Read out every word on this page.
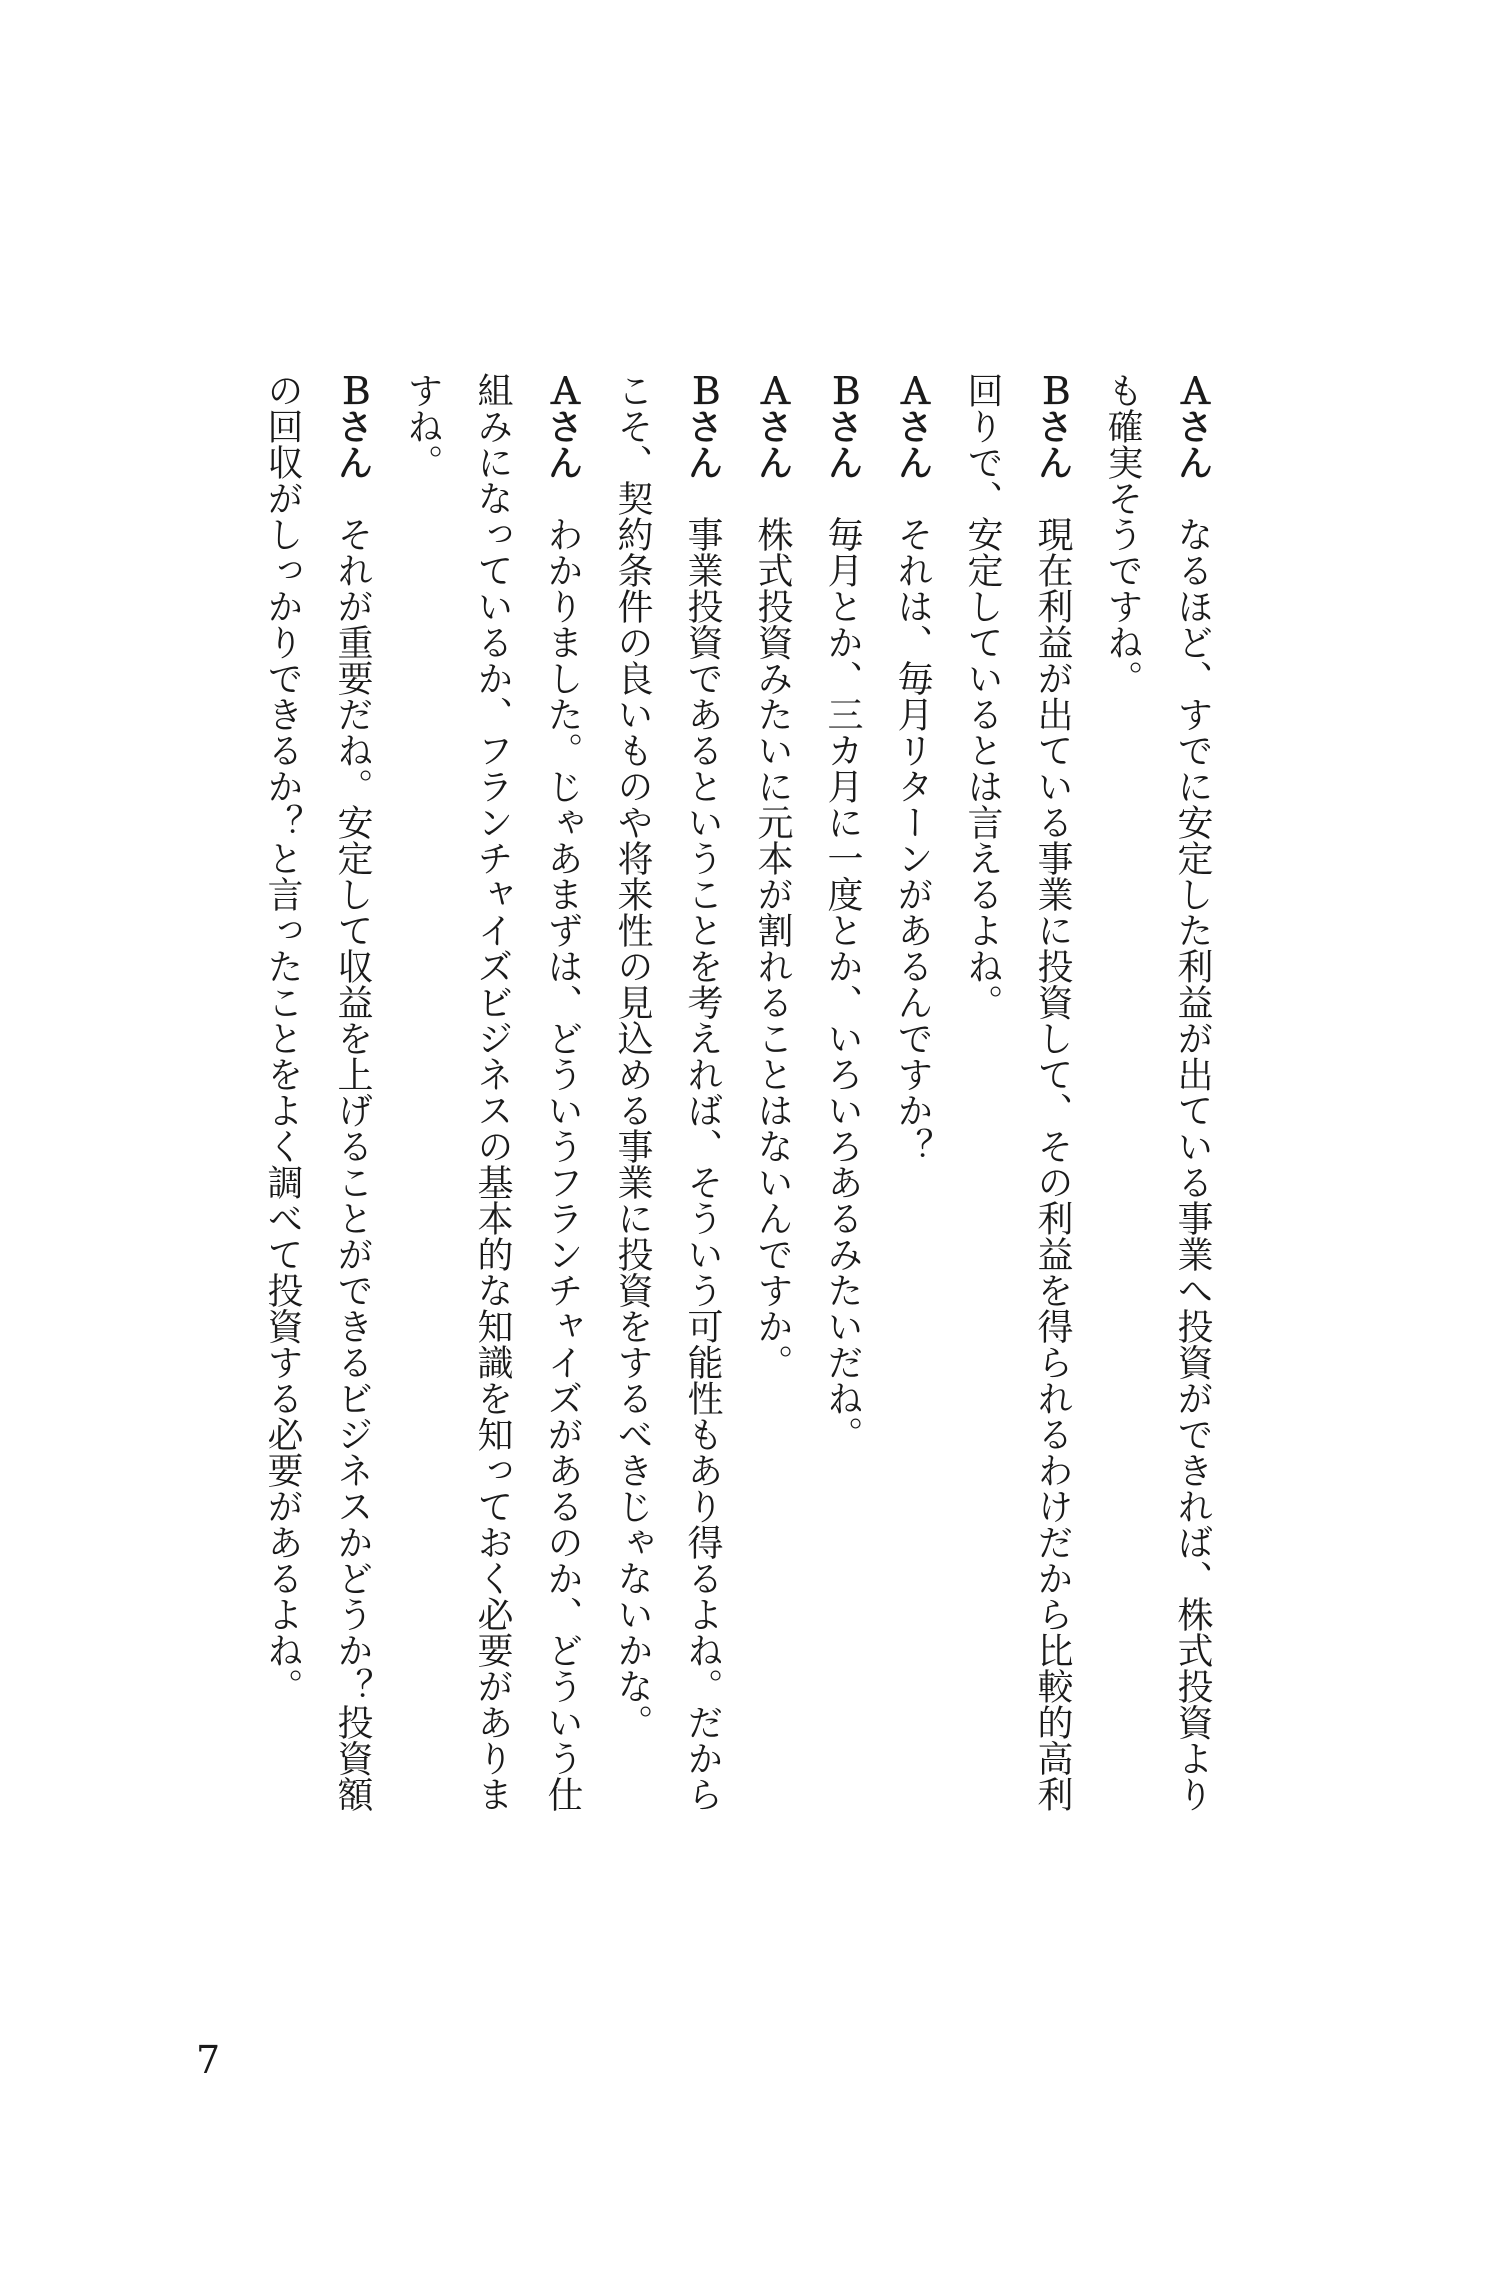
Ａさんなるほど、すでに安定した利益が出ている事業へ投資ができれば、株式投資より

も確実そうですね。

Ｂさん現在利益が出ている事業に投資して、その利益を得られるわけだから比較的高利

回りで、安定しているとは言えるよね。

Ａさんそれは、毎月リターンがあるんですか？

Ｂさん毎月とか、三カ月に一度とか、いろいろあるみたいだね。

Ａさん株式投資みたいに元本が割れることはないんですか。

Ｂさん事業投資であるということを考えれば、そういう可能性もあり得るよね。だから

こそ、契約条件の良いものや将来性の見込める事業に投資をするべきじゃないかな。

Ａさんわかりました。じゃあまずは、どういうフランチャイズがあるのか、どういう仕

組みになっているか、フランチャイズビジネスの基本的な知識を知っておく必要がありま

すね。

Ｂさんそれが重要だね。安定して収益を上げることができるビジネスかどうか？投資額

の回収がしっかりできるか？と言ったことをよく調べて投資する必要があるよね。

7
